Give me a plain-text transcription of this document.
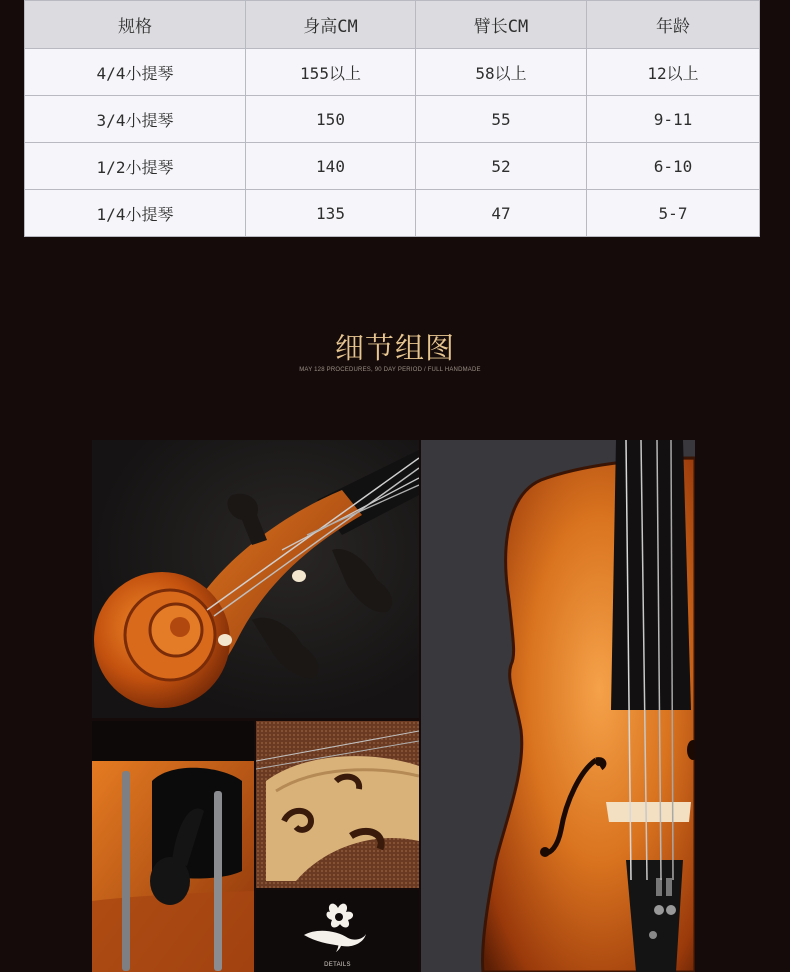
规格	身高CM	臂长CM	年龄
4/4小提琴	155以上	58以上	12以上
3/4小提琴	150	55	9-11
1/2小提琴	140	52	6-10
1/4小提琴	135	47	5-7
细节组图
MAY 128 PROCEDURES, 90 DAY PERIOD / FULL HANDMADE
DETAILS
